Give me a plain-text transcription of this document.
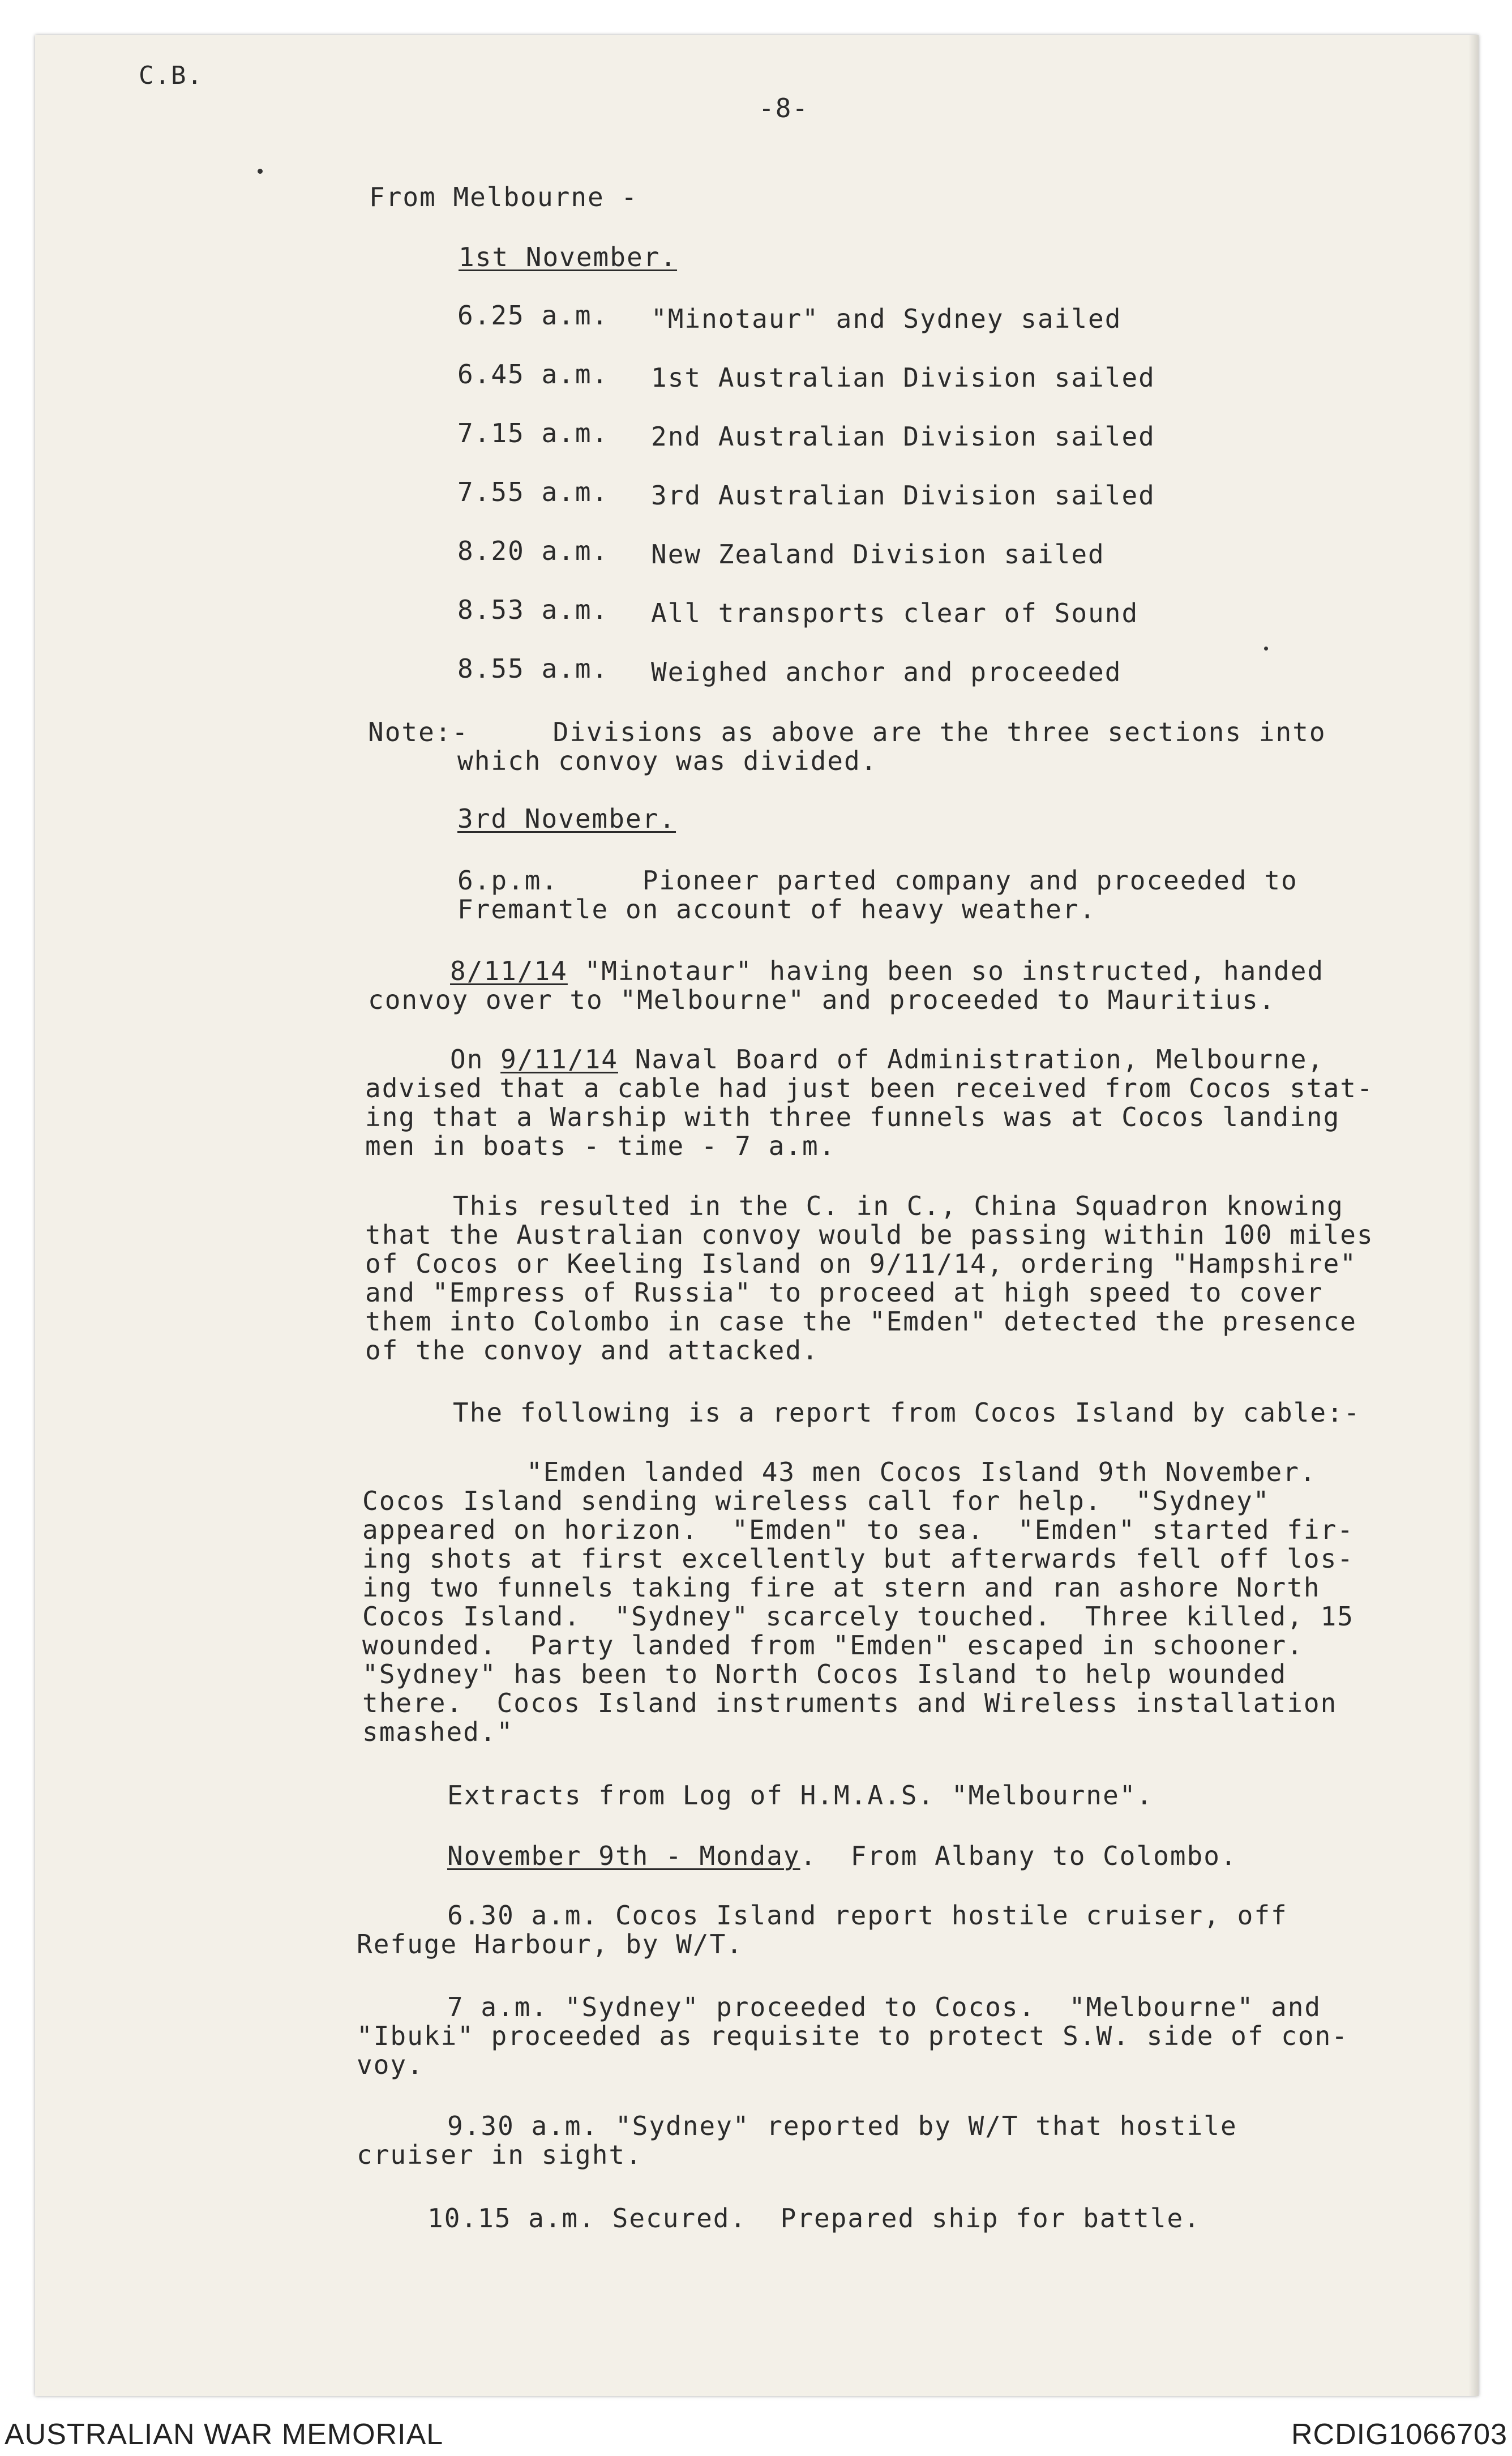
C.B.
-8-
From Melbourne -
1st November.
6.25 a.m. "Minotaur" and Sydney sailed
6.45 a.m. 1st Australian Division sailed
7.15 a.m. 2nd Australian Division sailed
7.55 a.m. 3rd Australian Division sailed
8.20 a.m. New Zealand Division sailed
8.53 a.m. All transports clear of Sound
8.55 a.m. Weighed anchor and proceeded
Note:-     Divisions as above are the three sections into
which convoy was divided.
3rd November.
6.p.m.     Pioneer parted company and proceeded to
Fremantle on account of heavy weather.
8/11/14 "Minotaur" having been so instructed, handed
convoy over to "Melbourne" and proceeded to Mauritius.
On 9/11/14 Naval Board of Administration, Melbourne,
advised that a cable had just been received from Cocos stat-
ing that a Warship with three funnels was at Cocos landing
men in boats - time - 7 a.m.
This resulted in the C. in C., China Squadron knowing
that the Australian convoy would be passing within 100 miles
of Cocos or Keeling Island on 9/11/14, ordering "Hampshire"
and "Empress of Russia" to proceed at high speed to cover
them into Colombo in case the "Emden" detected the presence
of the convoy and attacked.
The following is a report from Cocos Island by cable:-
"Emden landed 43 men Cocos Island 9th November.
Cocos Island sending wireless call for help.  "Sydney"
appeared on horizon.  "Emden" to sea.  "Emden" started fir-
ing shots at first excellently but afterwards fell off los-
ing two funnels taking fire at stern and ran ashore North
Cocos Island.  "Sydney" scarcely touched.  Three killed, 15
wounded.  Party landed from "Emden" escaped in schooner.
"Sydney" has been to North Cocos Island to help wounded
there.  Cocos Island instruments and Wireless installation
smashed."
Extracts from Log of H.M.A.S. "Melbourne".
November 9th - Monday.  From Albany to Colombo.
6.30 a.m. Cocos Island report hostile cruiser, off
Refuge Harbour, by W/T.
7 a.m. "Sydney" proceeded to Cocos.  "Melbourne" and
"Ibuki" proceeded as requisite to protect S.W. side of con-
voy.
9.30 a.m. "Sydney" reported by W/T that hostile
cruiser in sight.
10.15 a.m. Secured.  Prepared ship for battle.
AUSTRALIAN WAR MEMORIAL	RCDIG1066703
